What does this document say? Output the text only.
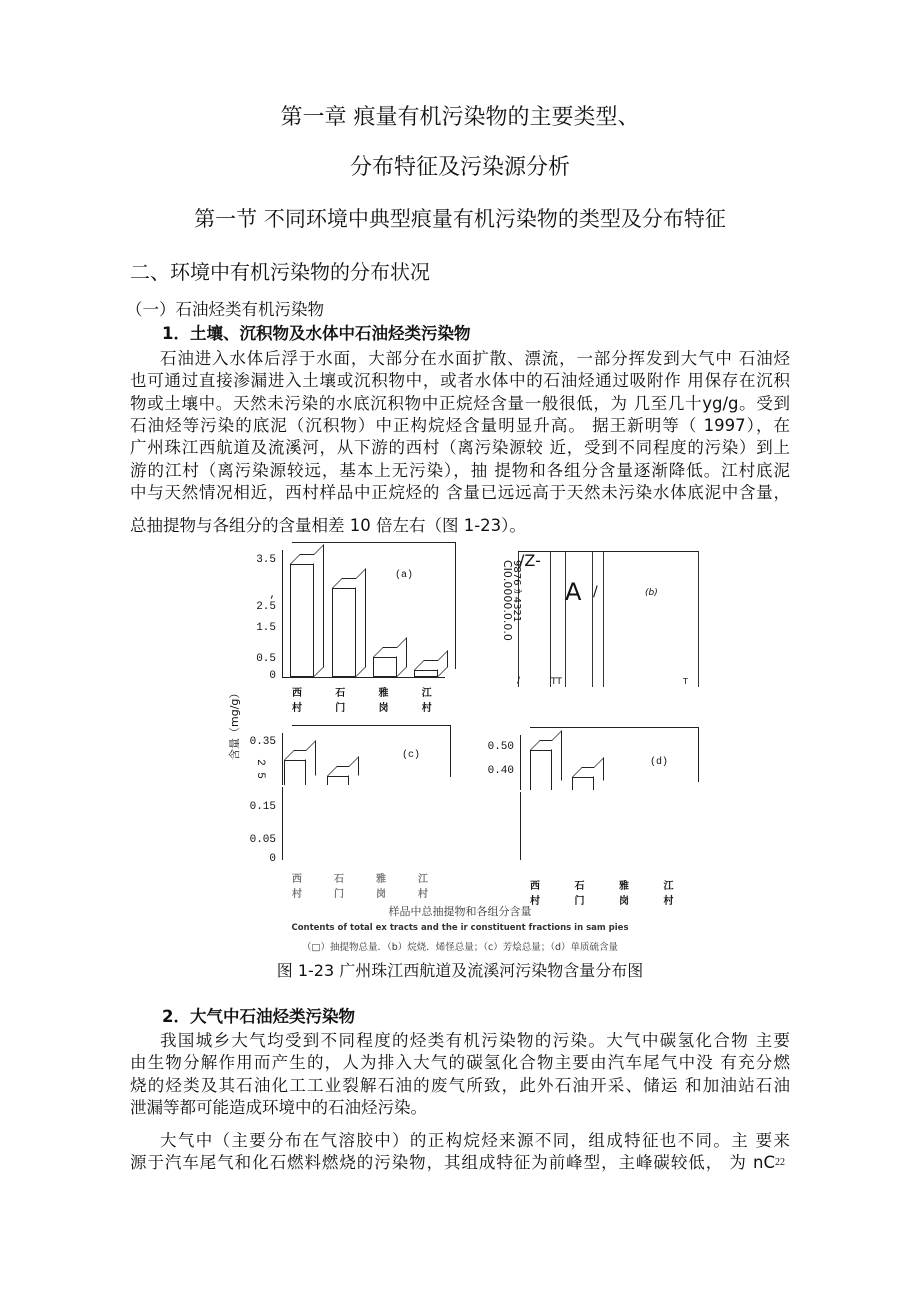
第一章 痕量有机污染物的主要类型、
分布特征及污染源分析
第一节 不同环境中典型痕量有机污染物的类型及分布特征
二、环境中有机污染物的分布状况
（一）石油烃类有机污染物
1．土壤、沉积物及水体中石油烃类污染物
石油进入水体后浮于水面，大部分在水面扩散、漂流，一部分挥发到大气中 石油烃
也可通过直接渗漏进入土壤或沉积物中，或者水体中的石油烃通过吸附作 用保存在沉积
物或土壤中。天然未污染的水底沉积物中正烷烃含量一般很低，为 几至几十yg/g。受到
石油烃等污染的底泥（沉积物）中正构烷烃含量明显升高。 据王新明等（ 1997），在
广州珠江西航道及流溪河，从下游的西村（离污染源较 近，受到不同程度的污染）到上
游的江村（离污染源较远，基本上无污染），抽 提物和各组分含量逐渐降低。江村底泥
中与天然情况相近，西村样品中正烷烃的 含量已远远高于天然未污染水体底泥中含量，
总抽提物与各组分的含量相差 10 倍左右（图 1-23）。
含量（mg/g）
3.5
, 2.5
1.5
0.5
0
(a)
西村
石门
雅岗
江村
/Z-
9876 ｶ 4321
CI0.0000.0.0.0 A /	(b)
TT
/	T
0.35
2 5
0.15
0.05
0
(c)
西村
石门
雅岗
江村
0.50
0.40
(d)
西村
石门
雅岗
江村
样品中总抽提物和各组分含量
Contents of total ex tracts and the ir constituent fractions in sam pies
（□）抽提物总量．（b）烷烧．烯怪总量；（c）芳烩总量；（d）单质硫含量
图 1-23 广州珠江西航道及流溪河污染物含量分布图
2．大气中石油烃类污染物
我国城乡大气均受到不同程度的烃类有机污染物的污染。大气中碳氢化合物 主要
由生物分解作用而产生的，人为排入大气的碳氢化合物主要由汽车尾气中没 有充分燃
烧的烃类及其石油化工工业裂解石油的废气所致，此外石油开采、储运 和加油站石油
泄漏等都可能造成环境中的石油烃污染。
大气中（主要分布在气溶胶中）的正构烷烃来源不同，组成特征也不同。主 要来
源于汽车尾气和化石燃料燃烧的污染物，其组成特征为前峰型，主峰碳较低， 为 nC 22
